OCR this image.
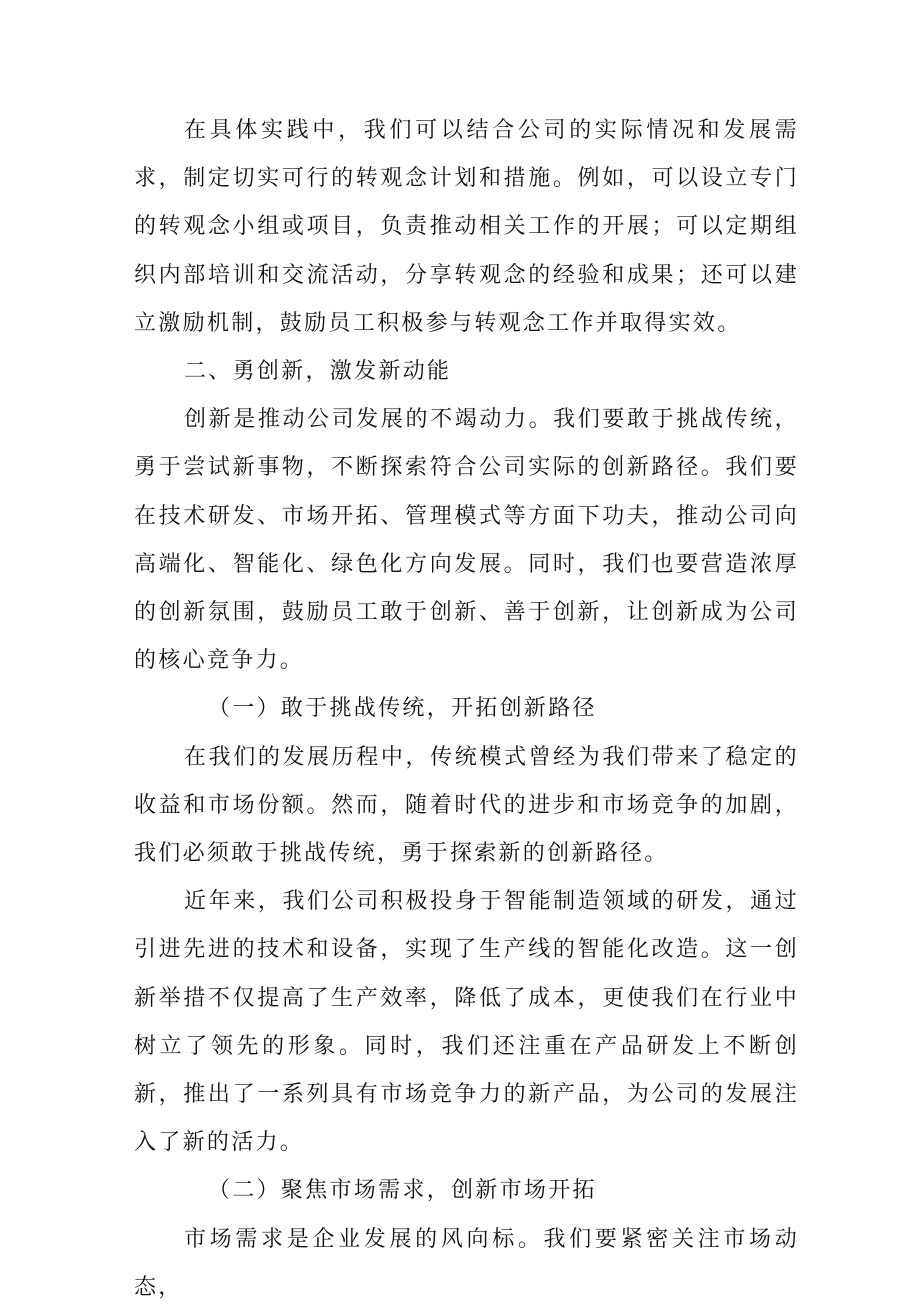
在具体实践中，我们可以结合公司的实际情况和发展需求，制定切实可行的转观念计划和措施。例如，可以设立专门的转观念小组或项目，负责推动相关工作的开展；可以定期组织内部培训和交流活动，分享转观念的经验和成果；还可以建立激励机制，鼓励员工积极参与转观念工作并取得实效。

二、勇创新，激发新动能

创新是推动公司发展的不竭动力。我们要敢于挑战传统，勇于尝试新事物，不断探索符合公司实际的创新路径。我们要在技术研发、市场开拓、管理模式等方面下功夫，推动公司向高端化、智能化、绿色化方向发展。同时，我们也要营造浓厚的创新氛围，鼓励员工敢于创新、善于创新，让创新成为公司的核心竞争力。

（一）敢于挑战传统，开拓创新路径

在我们的发展历程中，传统模式曾经为我们带来了稳定的收益和市场份额。然而，随着时代的进步和市场竞争的加剧，我们必须敢于挑战传统，勇于探索新的创新路径。

近年来，我们公司积极投身于智能制造领域的研发，通过引进先进的技术和设备，实现了生产线的智能化改造。这一创新举措不仅提高了生产效率，降低了成本，更使我们在行业中树立了领先的形象。同时，我们还注重在产品研发上不断创新，推出了一系列具有市场竞争力的新产品，为公司的发展注入了新的活力。

（二）聚焦市场需求，创新市场开拓

市场需求是企业发展的风向标。我们要紧密关注市场动态，
